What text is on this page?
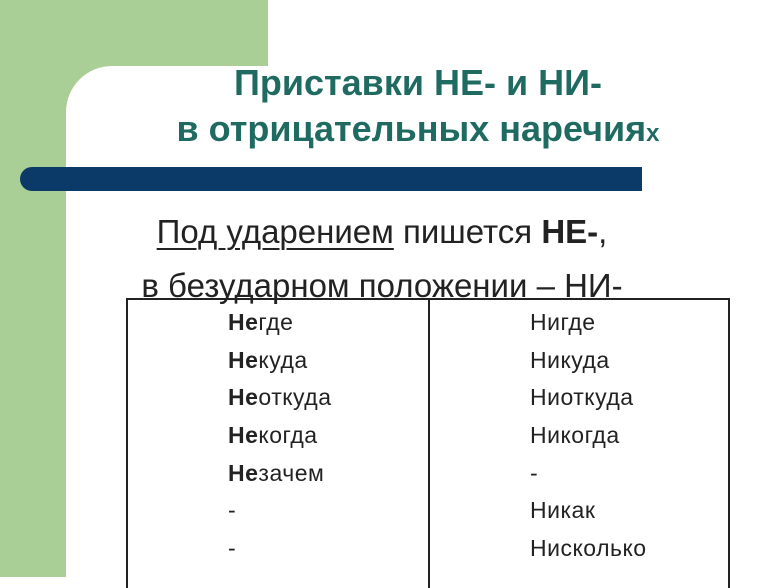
Приставки НЕ- и НИ-
в отрицательных наречиях
Под ударением пишется НЕ-,
в безударном положении – НИ-
Негде
Некуда
Неоткуда
Некогда
Незачем
-
-
Нигде
Никуда
Ниоткуда
Никогда
-
Никак
Нисколько
